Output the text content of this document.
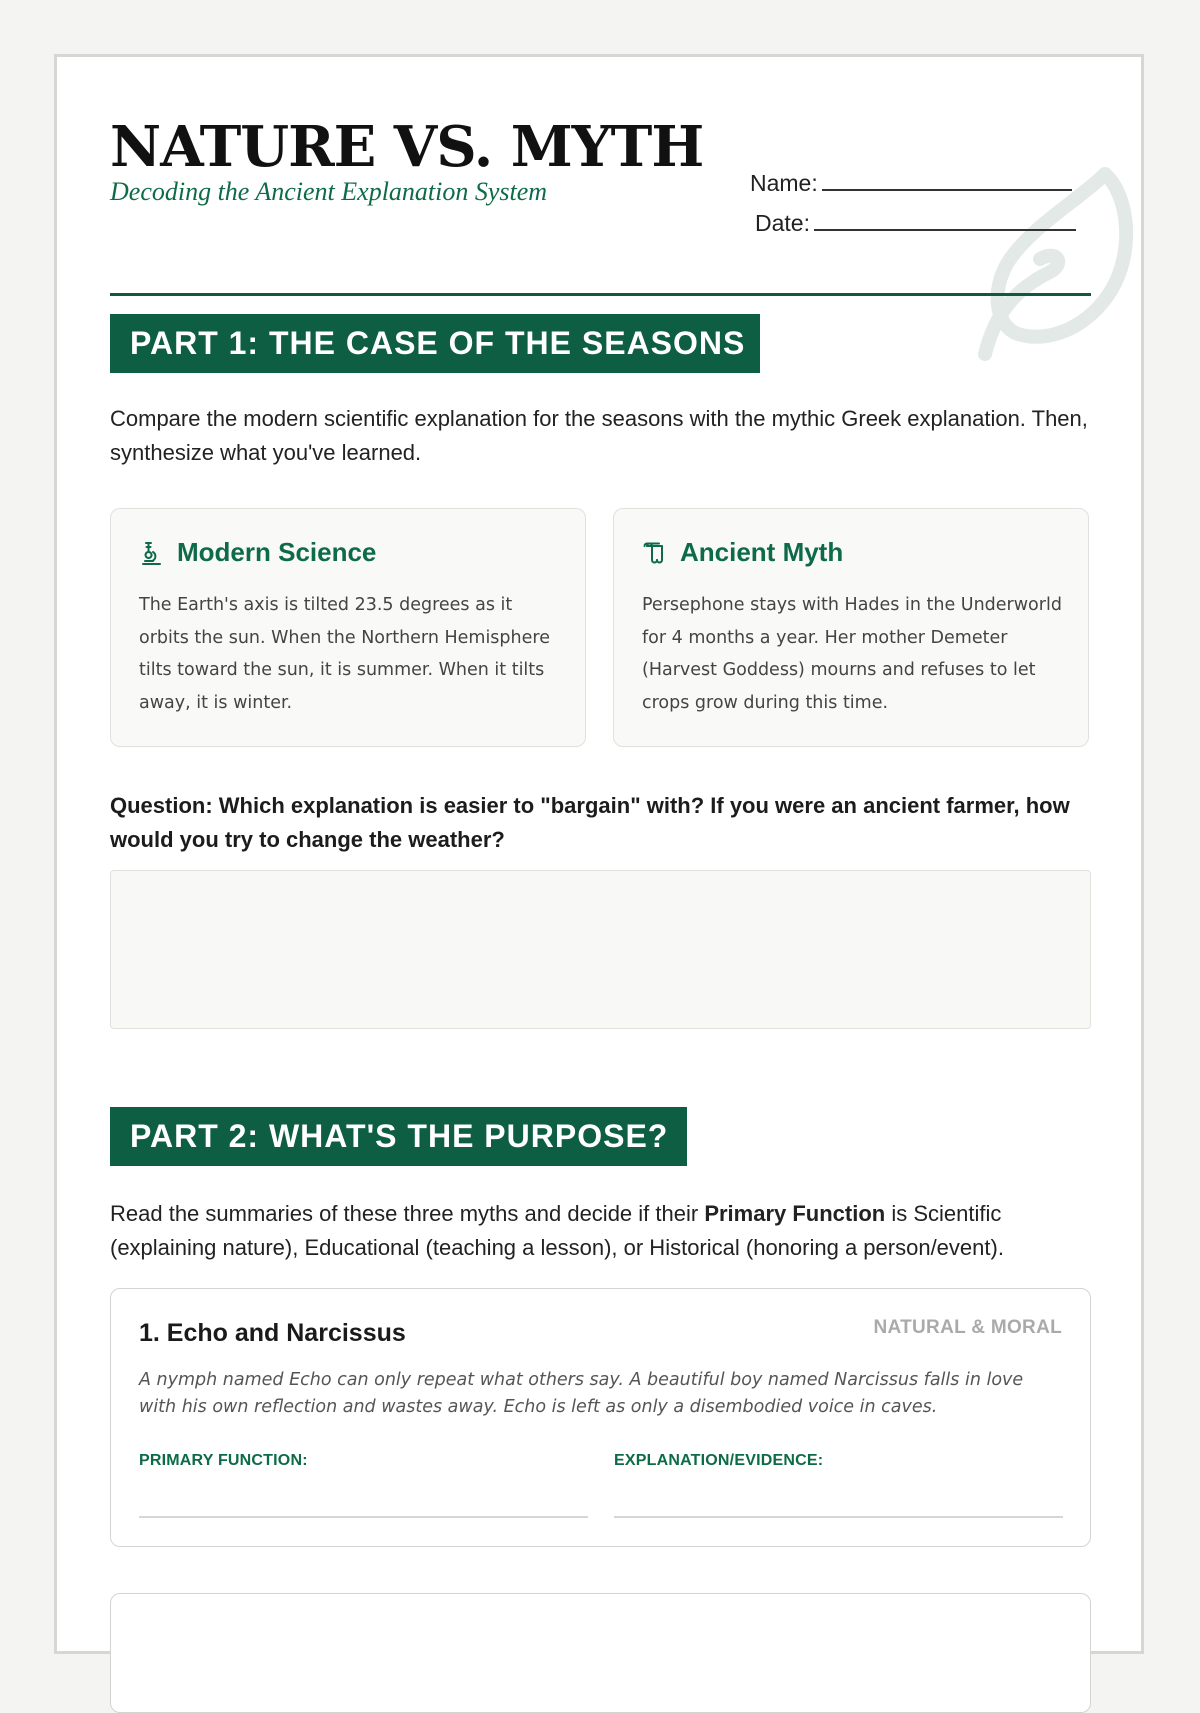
NATURE VS. MYTH
Decoding the Ancient Explanation System	Name:
Date:
PART 1: THE CASE OF THE SEASONS

Compare the modern scientific explanation for the seasons with the mythic Greek explanation. Then, synthesize what you've learned.

Modern Science

The Earth's axis is tilted 23.5 degrees as it orbits the sun. When the Northern Hemisphere tilts toward the sun, it is summer. When it tilts away, it is winter.

Ancient Myth

Persephone stays with Hades in the Underworld for 4 months a year. Her mother Demeter (Harvest Goddess) mourns and refuses to let crops grow during this time.

Question: Which explanation is easier to "bargain" with? If you were an ancient farmer, how would you try to change the weather?

PART 2: WHAT'S THE PURPOSE?

Read the summaries of these three myths and decide if their Primary Function is Scientific (explaining nature), Educational (teaching a lesson), or Historical (honoring a person/event).

1. Echo and Narcissus	NATURAL & MORAL

A nymph named Echo can only repeat what others say. A beautiful boy named Narcissus falls in love with his own reflection and wastes away. Echo is left as only a disembodied voice in caves.

PRIMARY FUNCTION:	EXPLANATION/EVIDENCE:
